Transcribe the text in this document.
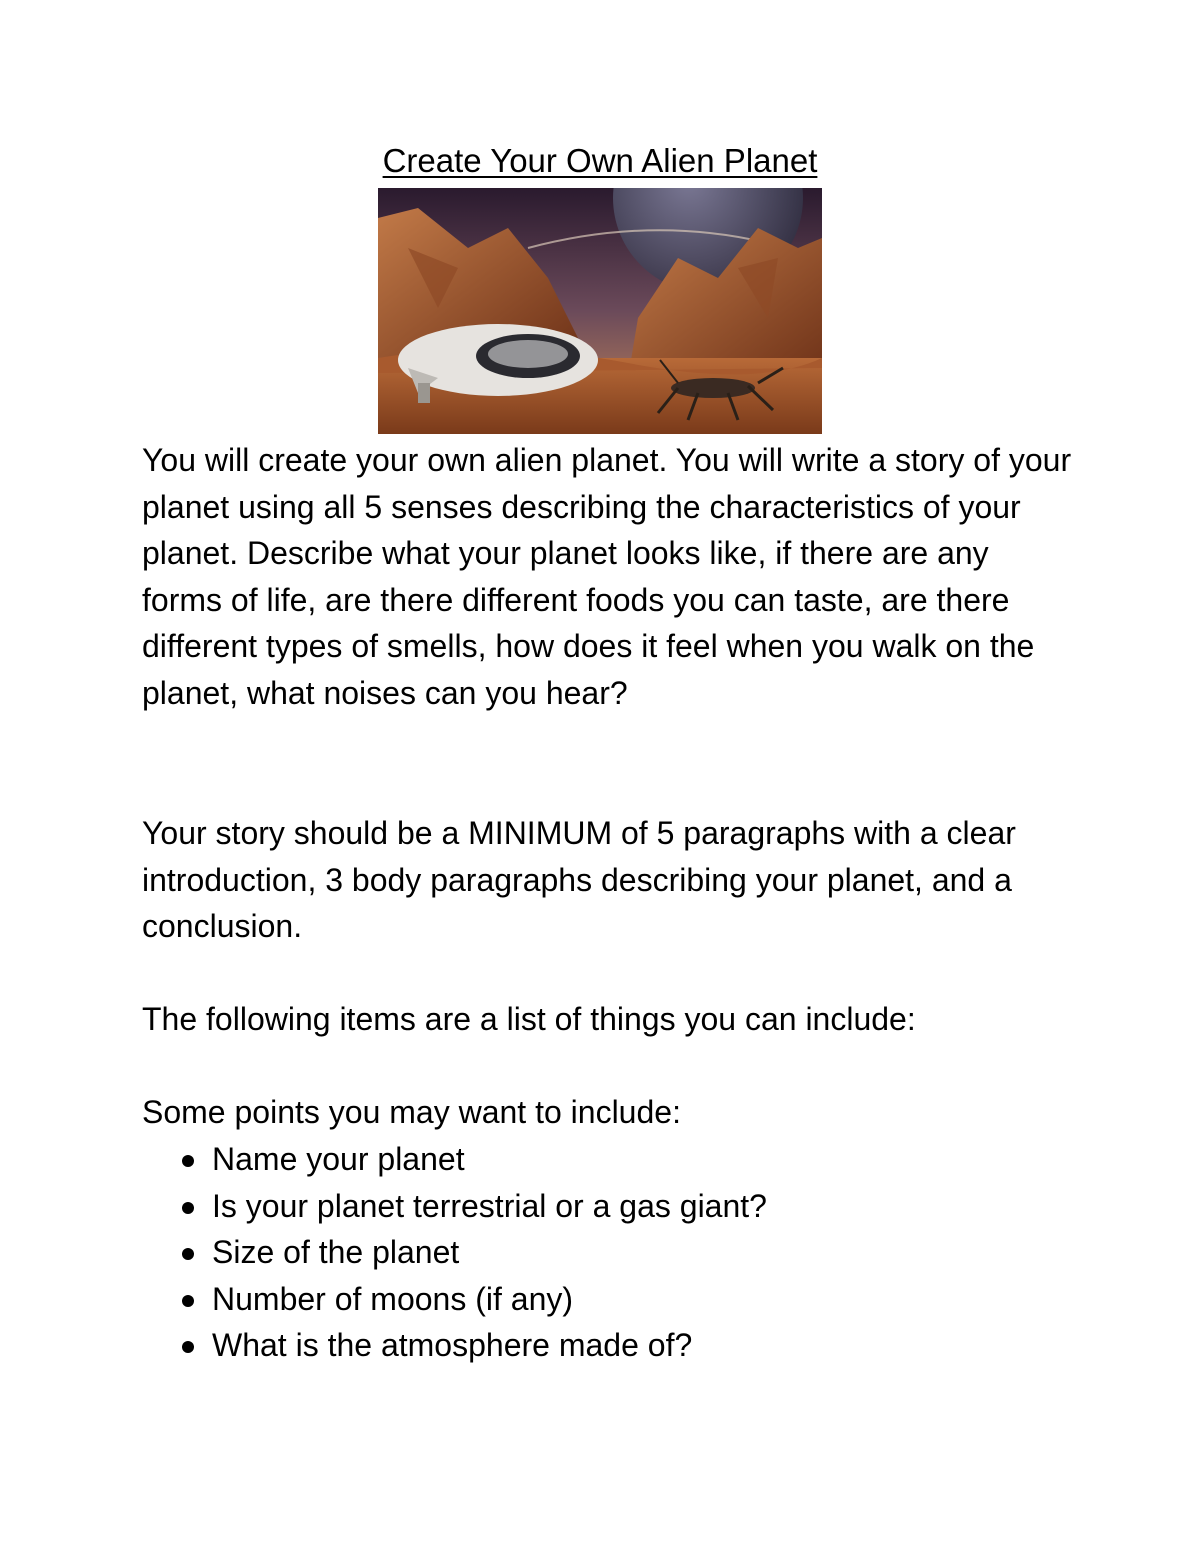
Create Your Own Alien Planet

You will create your own alien planet. You will write a story of your planet using all 5 senses describing the characteristics of your planet. Describe what your planet looks like, if there are any forms of life, are there different foods you can taste, are there different types of smells, how does it feel when you walk on the planet, what noises can you hear?

Your story should be a MINIMUM of 5 paragraphs with a clear introduction, 3 body paragraphs describing your planet, and a conclusion.

The following items are a list of things you can include:

Some points you may want to include:

Name your planet
Is your planet terrestrial or a gas giant?
Size of the planet
Number of moons (if any)
What is the atmosphere made of?
